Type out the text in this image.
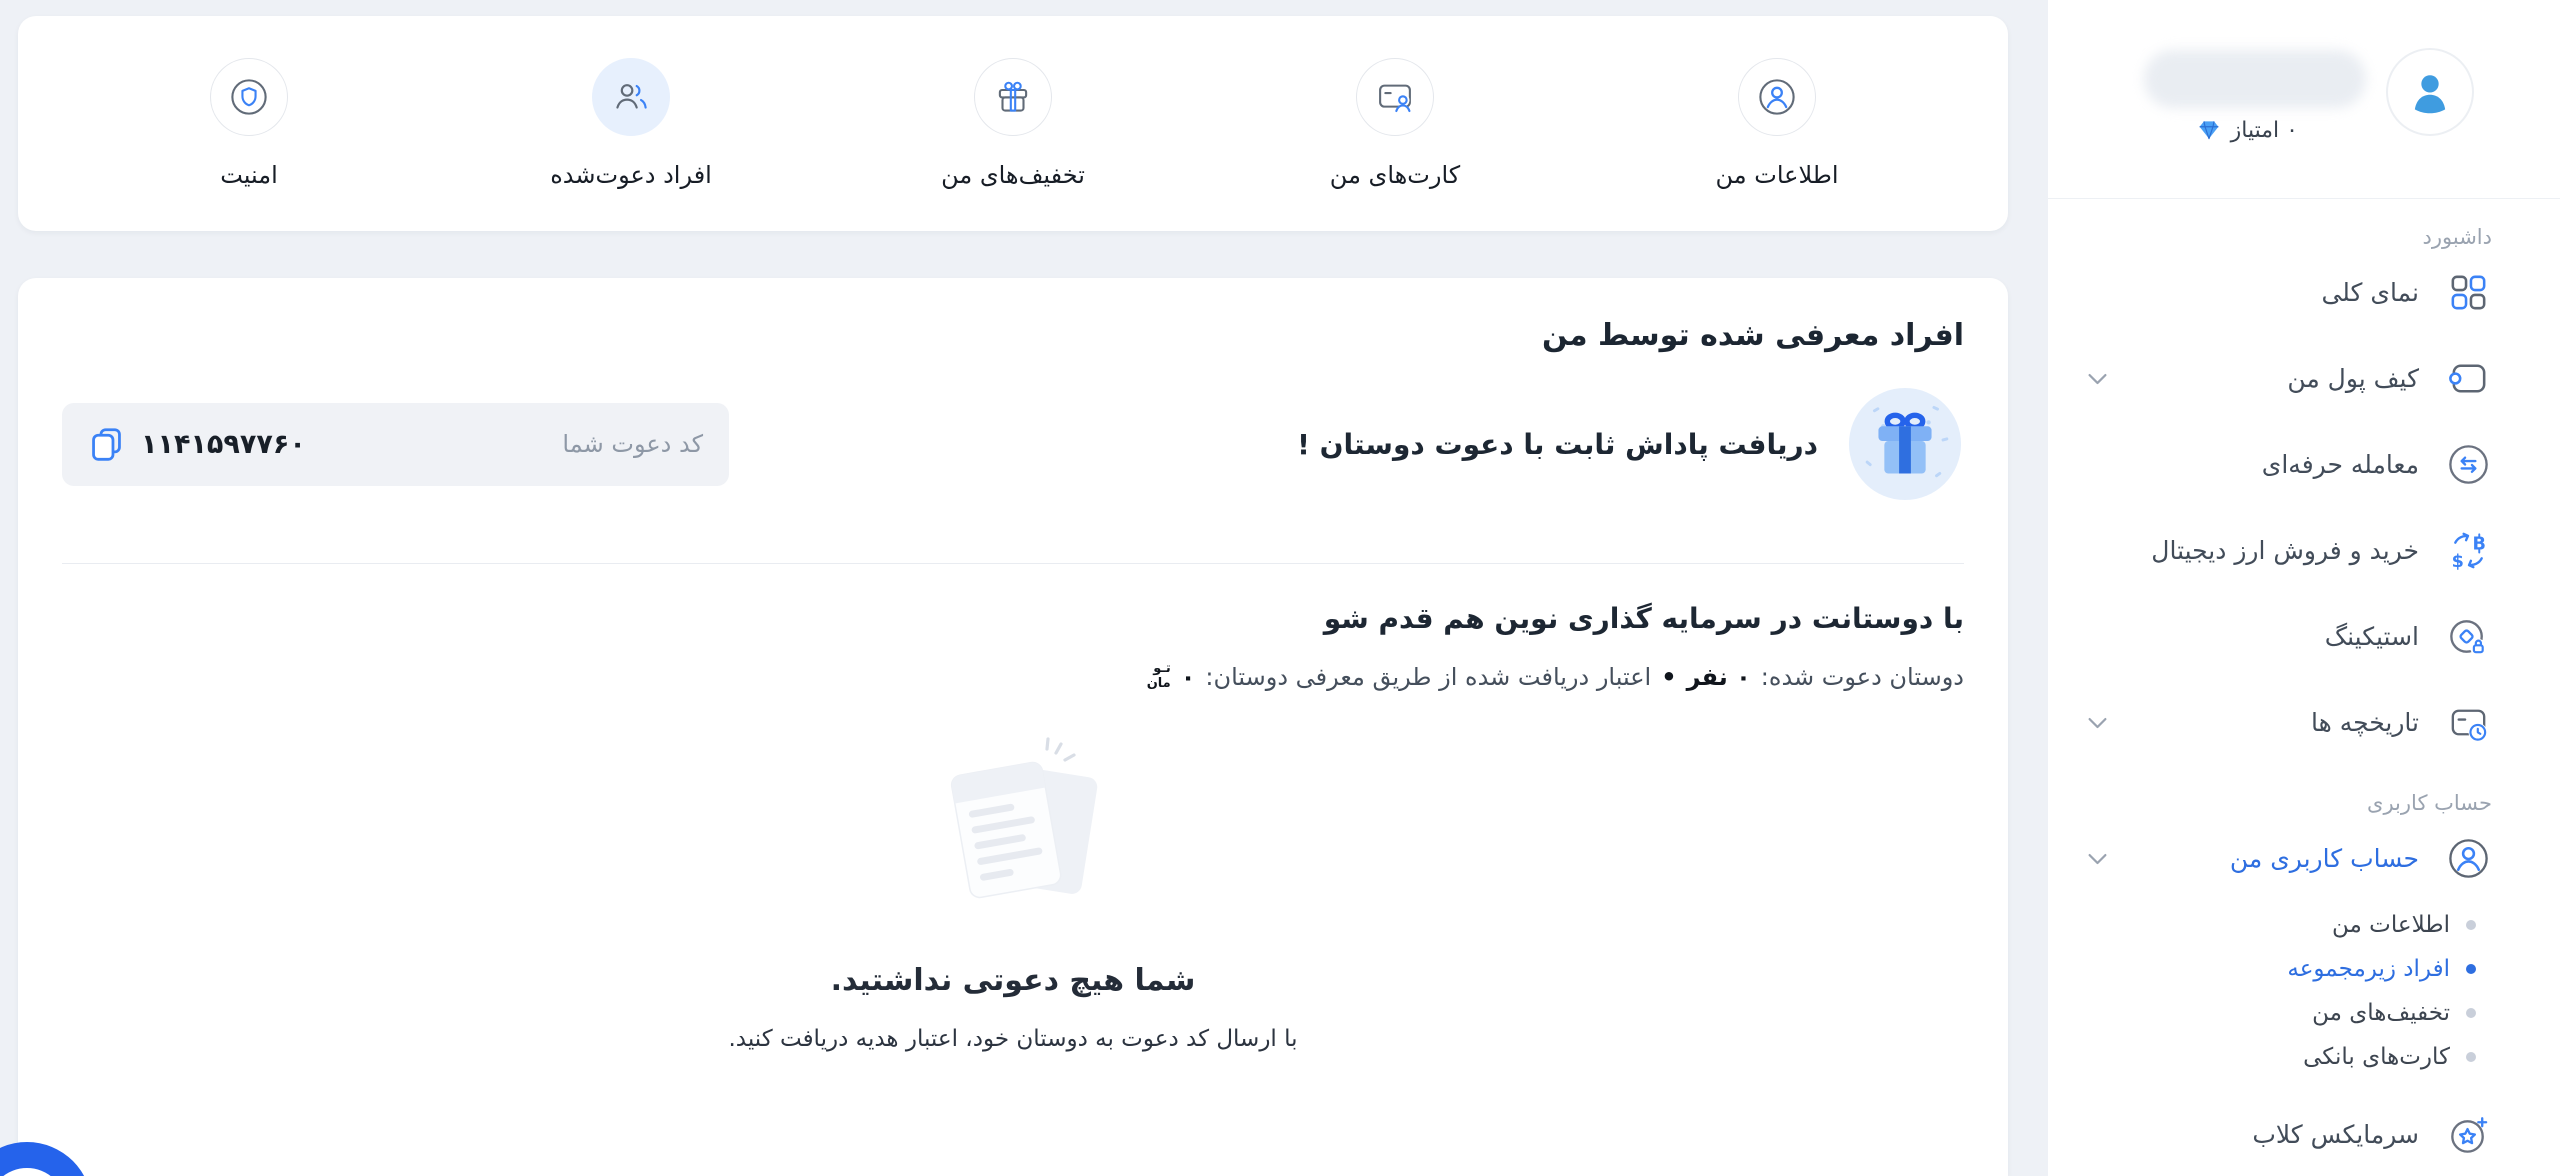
۰ امتیاز
داشبورد
نمای کلی
کیف پول من
معامله حرفه‌ای
B
$
خرید و فروش ارز دیجیتال
استیکینگ
تاریخچه ها
حساب کاربری
حساب کاربری من
اطلاعات من
افراد زیرمجموعه
تخفیف‌های من
کارت‌های بانکی
سرمایکس کلاب
اطلاعات من
کارت‌های من
تخفیف‌های من
افراد دعوت‌شده
امنیت
افراد معرفی شده توسط من
دریافت پاداش ثابت با دعوت دوستان !
کد دعوت شما
۱۱۴۱۵۹۷۷۶۰
با دوستانت در سرمایه گذاری نوین هم قدم شو
دوستان دعوت شده:
۰ نفر
•
اعتبار دریافت شده از طریق معرفی دوستان:
۰
تـو
مان
شما هیچ دعوتی نداشتید.
با ارسال کد دعوت به دوستان خود، اعتبار هدیه دریافت کنید.
